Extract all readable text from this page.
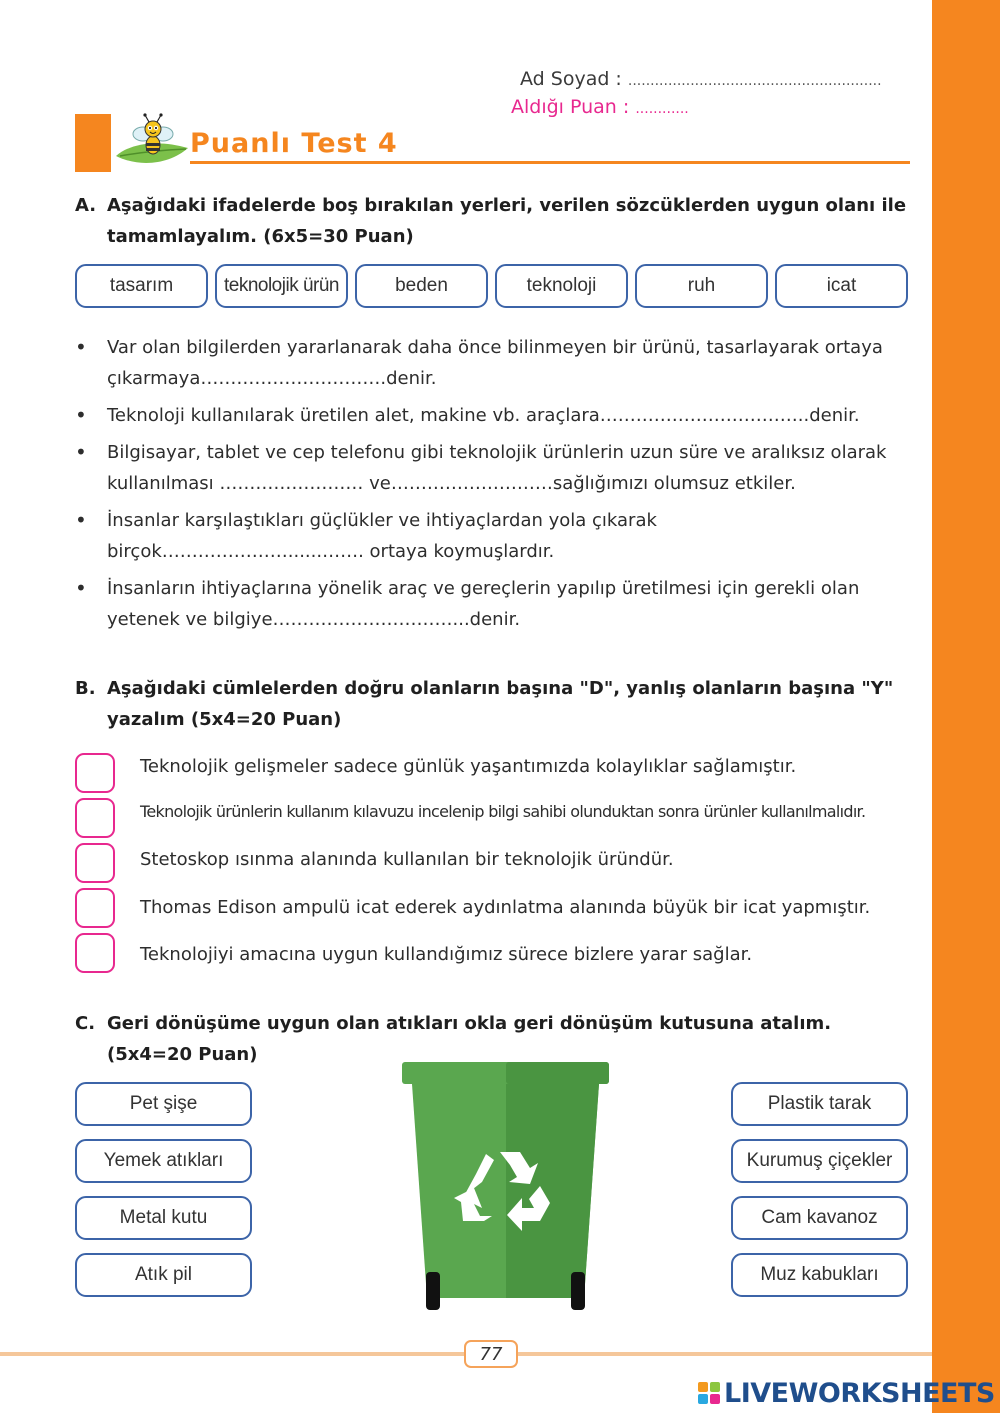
Ad Soyad : .........................................................
Aldığı Puan : ............
Puanlı Test 4
A. Aşağıdaki ifadelerde boş bırakılan yerleri, verilen sözcüklerden uygun olanı ile tamamlayalım. (6x5=30 Puan)
tasarım	teknolojik ürün	beden	teknoloji	ruh	icat
• Var olan bilgilerden yararlanarak daha önce bilinmeyen bir ürünü, tasarlayarak ortaya çıkarmaya………………………….denir.
• Teknoloji kullanılarak üretilen alet, makine vb. araçlara……………………………..denir.
• Bilgisayar, tablet ve cep telefonu gibi teknolojik ürünlerin uzun süre ve aralıksız olarak kullanılması …………………… ve………………………sağlığımızı olumsuz etkiler.
• İnsanlar karşılaştıkları güçlükler ve ihtiyaçlardan yola çıkarak birçok…………………......……. ortaya koymuşlardır.
• İnsanların ihtiyaçlarına yönelik araç ve gereçlerin yapılıp üretilmesi için gerekli olan yetenek ve bilgiye…………………………...denir.
B. Aşağıdaki cümlelerden doğru olanların başına "D", yanlış olanların başına "Y" yazalım (5x4=20 Puan)
Teknolojik gelişmeler sadece günlük yaşantımızda kolaylıklar sağlamıştır.
Teknolojik ürünlerin kullanım kılavuzu incelenip bilgi sahibi olunduktan sonra ürünler kullanılmalıdır.
Stetoskop ısınma alanında kullanılan bir teknolojik üründür.
Thomas Edison ampulü icat ederek aydınlatma alanında büyük bir icat yapmıştır.
Teknolojiyi amacına uygun kullandığımız sürece bizlere yarar sağlar.
C. Geri dönüşüme uygun olan atıkları okla geri dönüşüm kutusuna atalım. (5x4=20 Puan)
Pet şişe
Yemek atıkları
Metal kutu
Atık pil
Plastik tarak
Kurumuş çiçekler
Cam kavanoz
Muz kabukları
77
LIVEWORKSHEETS
